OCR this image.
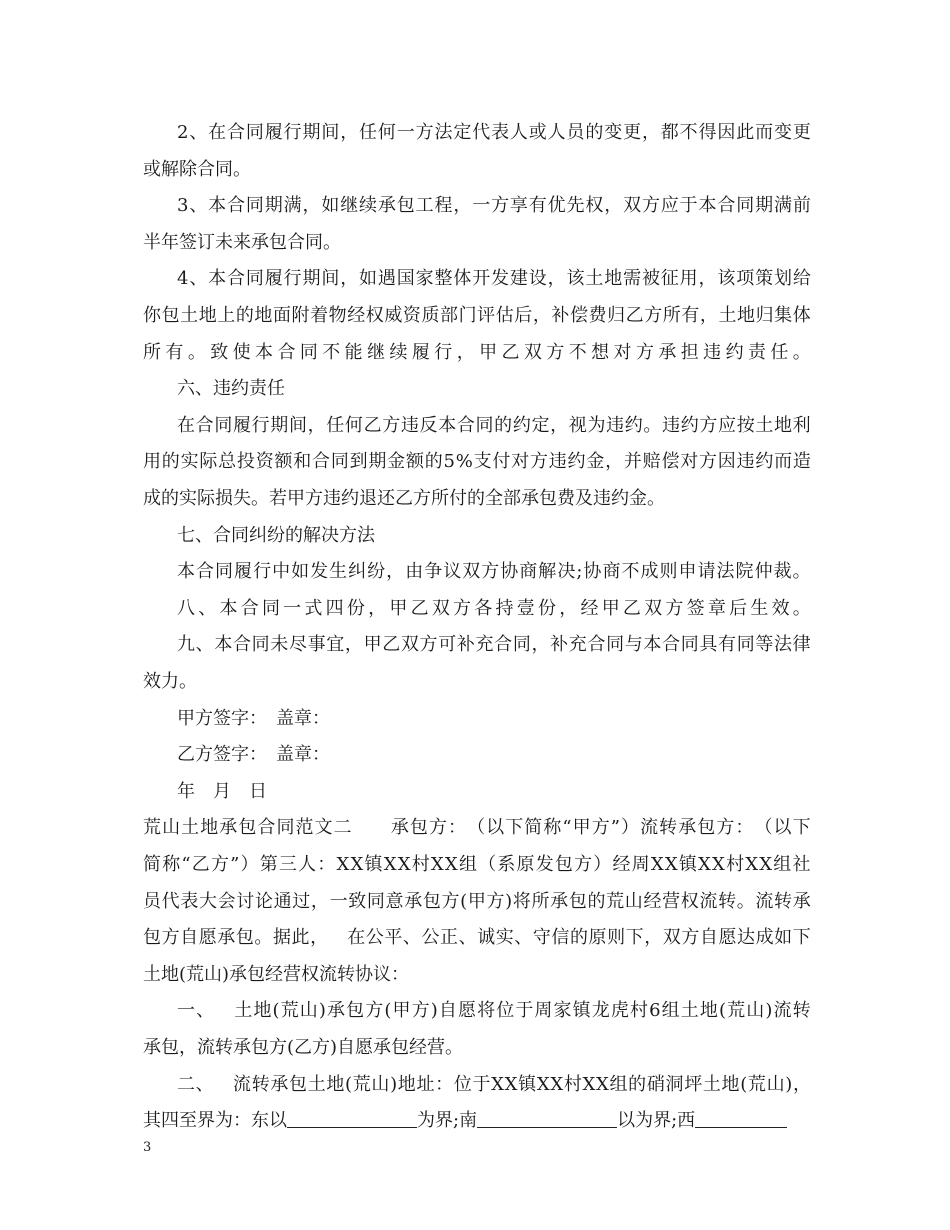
2 、 在 合 同 履 行 期 间 ， 任 何 一 方 法 定 代 表 人 或 人 员 的 变 更 ， 都 不 得 因 此 而 变 更
或解除合同。
3 、 本 合 同 期 满 ， 如 继 续 承 包 工 程 ， 一 方 享 有 优 先 权 ， 双 方 应 于 本 合 同 期 满 前
半年签订未来承包合同。
4 、 本 合 同 履 行 期 间 ， 如 遇 国 家 整 体 开 发 建 设 ， 该 土 地 需 被 征 用 ， 该 项 策 划 给
你 包 土 地 上 的 地 面 附 着 物 经 权 威 资 质 部 门 评 估 后 ， 补 偿 费 归 乙 方 所 有 ， 土 地 归 集 体
所 有 。 致 使 本 合 同 不 能 继 续 履 行 ， 甲 乙 双 方 不 想 对 方 承 担 违 约 责 任 。
六、违约责任
在 合 同 履 行 期 间 ， 任 何 乙 方 违 反 本 合 同 的 约 定 ， 视 为 违 约 。 违 约 方 应 按 土 地 利
用 的 实 际 总 投 资 额 和 合 同 到 期 金 额 的 5 % 支 付 对 方 违 约 金 ， 并 赔 偿 对 方 因 违 约 而 造
成的实际损失。若甲方违约退还乙方所付的全部承包费及违约金。
七、合同纠纷的解决方法
本 合 同 履 行 中 如 发 生 纠 纷 ， 由 争 议 双 方 协 商 解 决 ; 协 商 不 成 则 申 请 法 院 仲 裁 。
八 、 本 合 同 一 式 四 份 ， 甲 乙 双 方 各 持 壹 份 ， 经 甲 乙 双 方 签 章 后 生 效 。
九 、 本 合 同 未 尽 事 宜 ， 甲 乙 双 方 可 补 充 合 同 ， 补 充 合 同 与 本 合 同 具 有 同 等 法 律
效力。
甲方签字：　盖章：
乙方签字：　盖章：
年　月　日
荒 山 土 地 承 包 合 同 范 文 二

　 承 包 方 ： （ 以 下 简 称 “ 甲 方 ” ） 流 转 承 包 方 ： （ 以 下
简 称 “ 乙 方 ” ） 第 三 人 ： X X 镇 X X 村 X X 组 （ 系 原 发 包 方 ） 经 周 X X 镇 X X 村 X X 组 社
员 代 表 大 会 讨 论 通 过 ， 一 致 同 意 承 包 方 ( 甲 方 ) 将 所 承 包 的 荒 山 经 营 权 流 转 。 流 转 承
包 方 自 愿 承 包 。 据 此 ，
　 在 公 平 、 公 正 、 诚 实 、 守 信 的 原 则 下 ， 双 方 自 愿 达 成 如 下
土地(荒山)承包经营权流转协议：
一 、
　 土 地 ( 荒 山 ) 承 包 方 ( 甲 方 ) 自 愿 将 位 于 周 家 镇 龙 虎 村 6 组 土 地 ( 荒 山 ) 流 转
承包，流转承包方(乙方)自愿承包经营。
二 、
　 流 转 承 包 土 地 ( 荒 山 ) 地 址 ： 位 于 X X 镇 X X 村 X X 组 的 硝 洞 坪 土 地 ( 荒 山 ) ，
其四至界为：东以	为界;南	以为界;西
3
